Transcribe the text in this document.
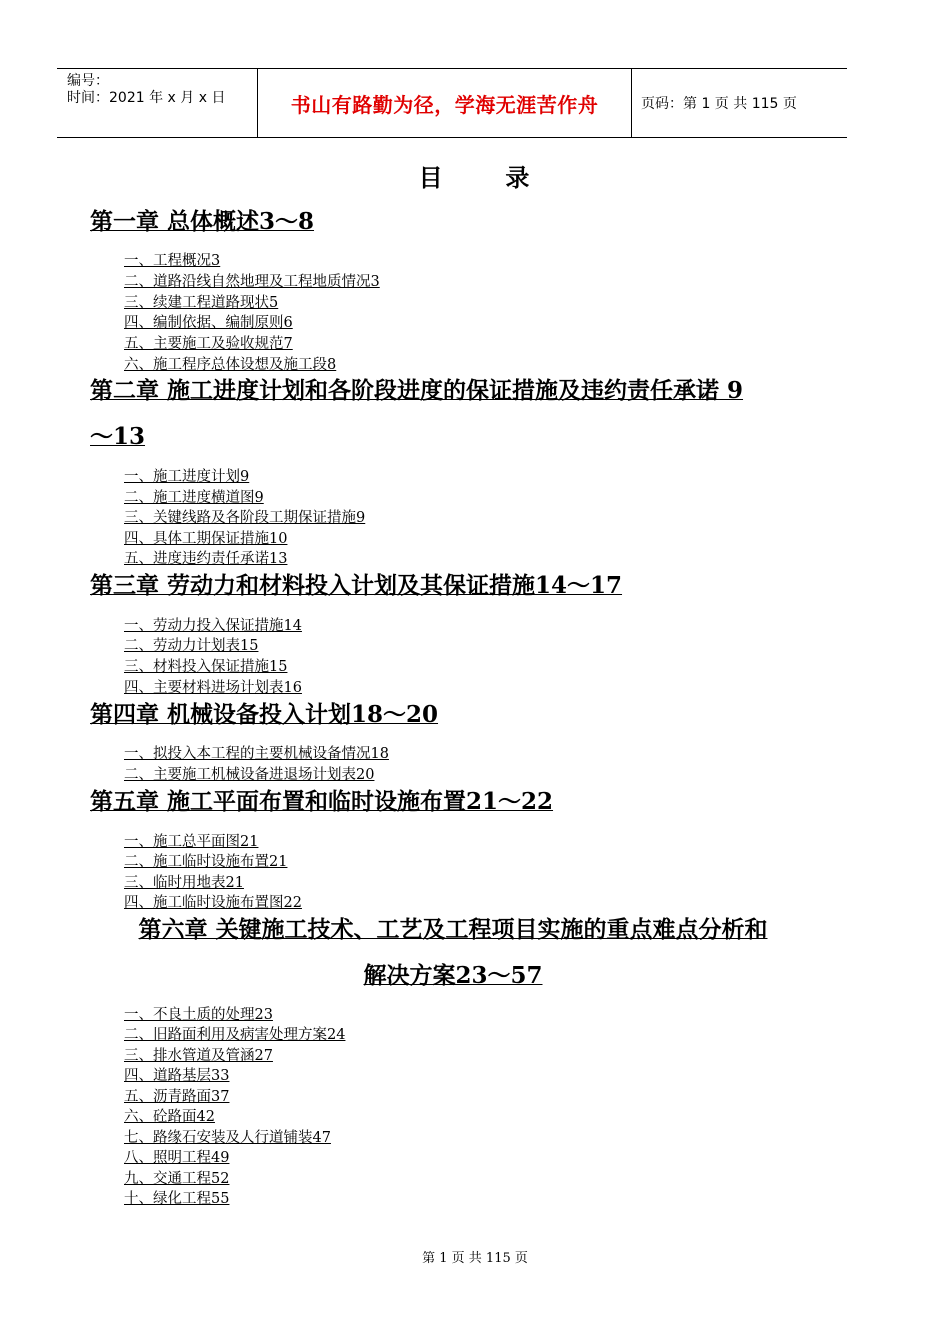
编号：
时间：2021 年 x 月 x 日	书山有路勤为径，学海无涯苦作舟	页码：第 1 页 共 115 页
目	录
第一章 总体概述3～8
一、工程概况3
二、道路沿线自然地理及工程地质情况3
三、续建工程道路现状5
四、编制依据、编制原则6
五、主要施工及验收规范7
六、施工程序总体设想及施工段8
第二章 施工进度计划和各阶段进度的保证措施及违约责任承诺 9
～13
一、施工进度计划9
二、施工进度横道图9
三、关键线路及各阶段工期保证措施9
四、具体工期保证措施10
五、进度违约责任承诺13
第三章 劳动力和材料投入计划及其保证措施14～17
一、劳动力投入保证措施14
二、劳动力计划表15
三、材料投入保证措施15
四、主要材料进场计划表16
第四章 机械设备投入计划18～20
一、拟投入本工程的主要机械设备情况18
二、主要施工机械设备进退场计划表20
第五章 施工平面布置和临时设施布置21～22
一、施工总平面图21
二、施工临时设施布置21
三、临时用地表21
四、施工临时设施布置图22
第六章 关键施工技术、工艺及工程项目实施的重点难点分析和
解决方案23～57
一、不良土质的处理23
二、旧路面利用及病害处理方案24
三、排水管道及管涵27
四、道路基层33
五、沥青路面37
六、砼路面42
七、路缘石安装及人行道铺装47
八、照明工程49
九、交通工程52
十、绿化工程55
第 1 页 共 115 页
